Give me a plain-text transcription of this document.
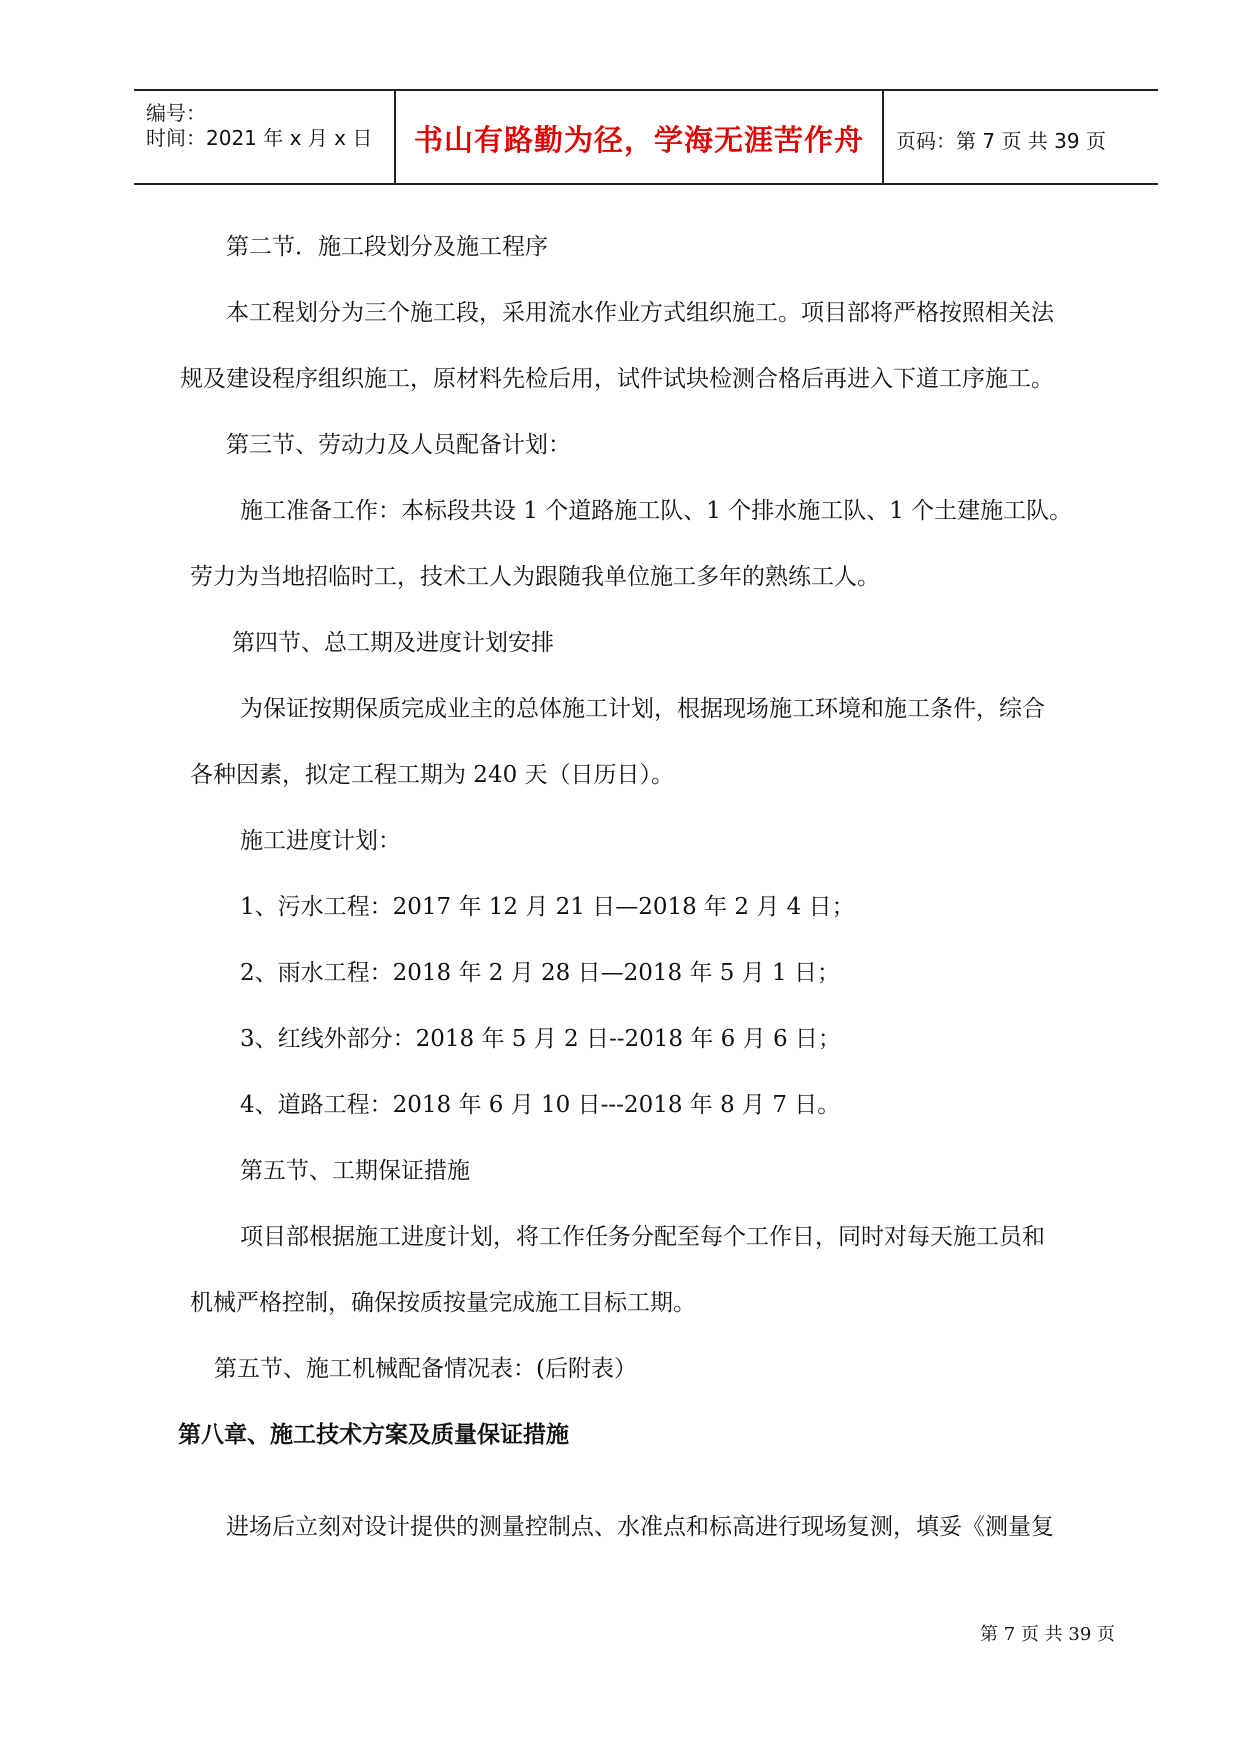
编号：
时间：2021 年 x 月 x 日	书山有路勤为径，学海无涯苦作舟	页码：第 7 页 共 39 页
第二节．施工段划分及施工程序
本工程划分为三个施工段，采用流水作业方式组织施工。项目部将严格按照相关法
规及建设程序组织施工，原材料先检后用，试件试块检测合格后再进入下道工序施工。
第三节、劳动力及人员配备计划：
施工准备工作：本标段共设 1 个道路施工队、1 个排水施工队、1 个土建施工队。
劳力为当地招临时工，技术工人为跟随我单位施工多年的熟练工人。
第四节、总工期及进度计划安排
为保证按期保质完成业主的总体施工计划，根据现场施工环境和施工条件，综合
各种因素，拟定工程工期为 240 天（日历日）。
施工进度计划：
1、污水工程：2017 年 12 月 21 日—2018 年 2 月 4 日；
2、雨水工程：2018 年 2 月 28 日—2018 年 5 月 1 日；
3、红线外部分：2018 年 5 月 2 日--2018 年 6 月 6 日；
4、道路工程：2018 年 6 月 10 日---2018 年 8 月 7 日。
第五节、工期保证措施
项目部根据施工进度计划，将工作任务分配至每个工作日，同时对每天施工员和
机械严格控制，确保按质按量完成施工目标工期。
第五节、施工机械配备情况表：(后附表）
第八章、施工技术方案及质量保证措施
进场后立刻对设计提供的测量控制点、水准点和标高进行现场复测，填妥《测量复
第 7 页 共 39 页
